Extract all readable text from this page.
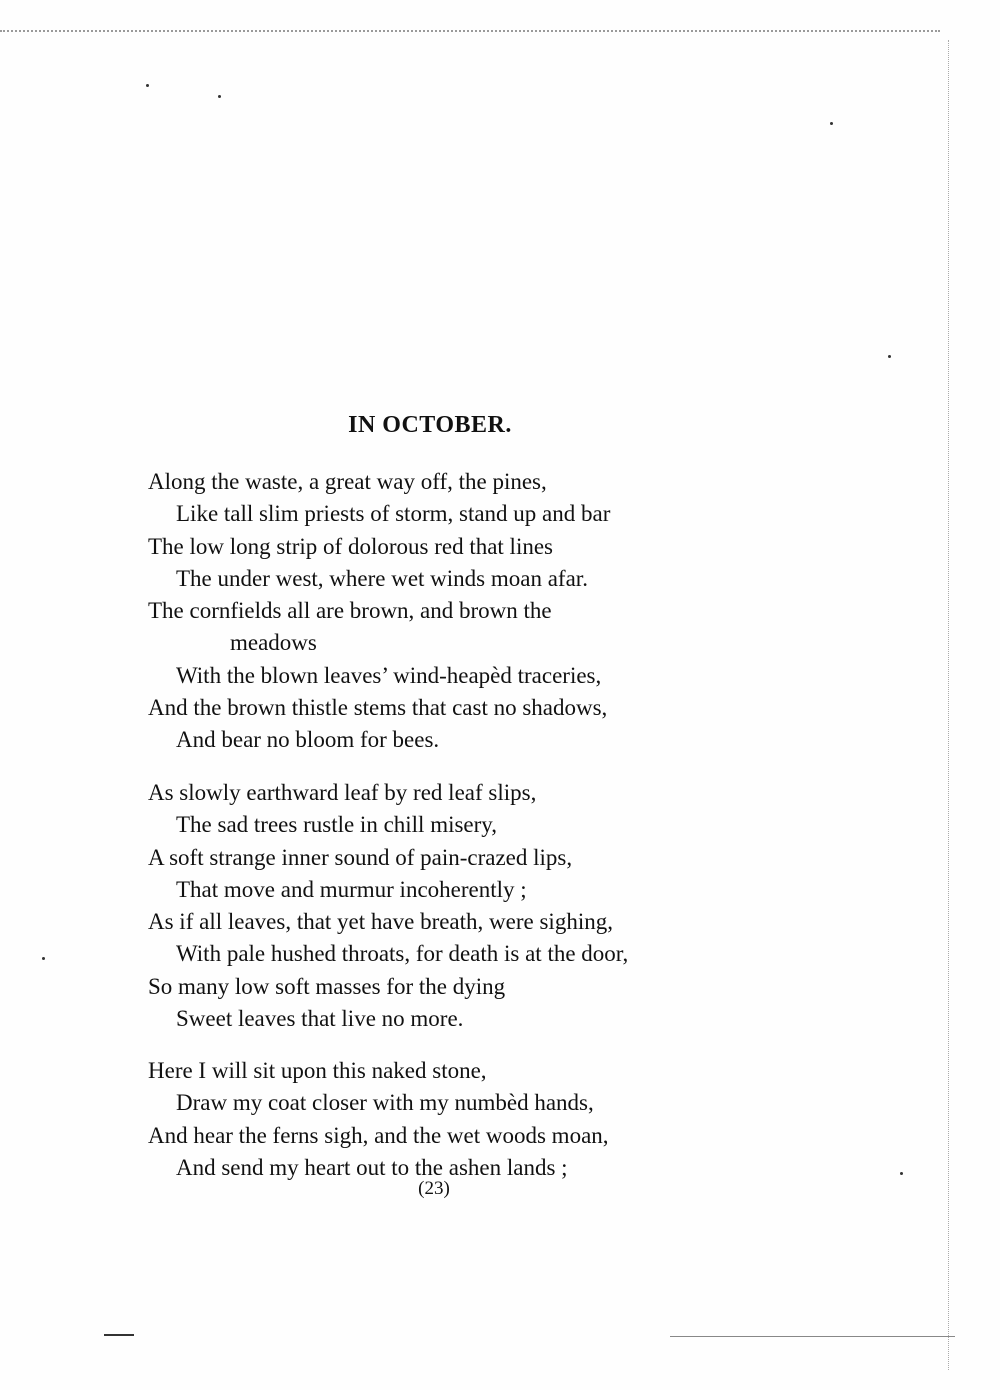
IN OCTOBER.
Along the waste, a great way off, the pines,
Like tall slim priests of storm, stand up and bar
The low long strip of dolorous red that lines
The under west, where wet winds moan afar.
The cornfields all are brown, and brown the
meadows
With the blown leaves’ wind-heapèd traceries,
And the brown thistle stems that cast no shadows,
And bear no bloom for bees.
As slowly earthward leaf by red leaf slips,
The sad trees rustle in chill misery,
A soft strange inner sound of pain-crazed lips,
That move and murmur incoherently ;
As if all leaves, that yet have breath, were sighing,
With pale hushed throats, for death is at the door,
So many low soft masses for the dying
Sweet leaves that live no more.
Here I will sit upon this naked stone,
Draw my coat closer with my numbèd hands,
And hear the ferns sigh, and the wet woods moan,
And send my heart out to the ashen lands ;

(23)
